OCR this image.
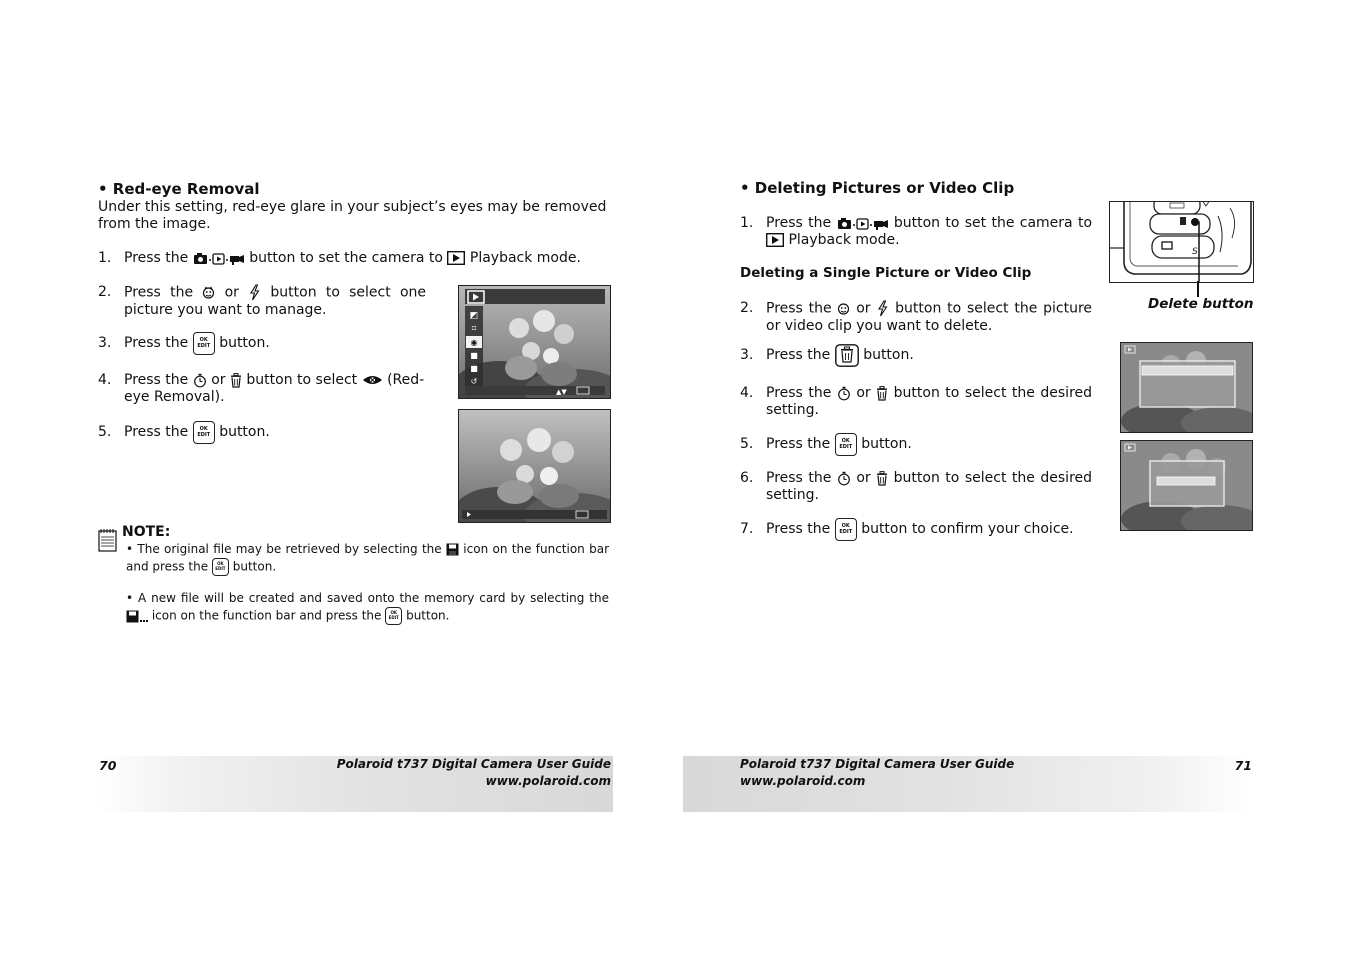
• Red-eye Removal
Under this setting, red-eye glare in your subject’s eyes may be removed from the image.
1. Press the	button to set the camera to Playback mode.
2. Press the or button to select one picture you want to manage.
3. Press the
	OK
EDIT
button.
4. Press the or button to select (Red-eye Removal).
5. Press the
	OK
EDIT
button.
◩
⌗
◉
■
■
↺
▲▼
NOTE:
• The original file may be retrieved by selecting the icon on the function bar and press the OK
EDIT button.
• A new file will be created and saved onto the memory card by selecting the  icon on the function bar and press the OK
EDIT button.
• Deleting Pictures or Video Clip
1. Press the	button to set the camera to  Playback mode.
Deleting a Single Picture or Video Clip
2. Press the or button to select the picture or video clip you want to delete.
3. Press the

button.
4. Press the or button to select the desired setting.
5. Press the
	OK
EDIT
button.
6. Press the or button to select the desired setting.
7. Press the
	OK
EDIT
button to confirm your choice.
S
Delete button
70	Polaroid t737 Digital Camera User Guide
www.polaroid.com
Polaroid t737 Digital Camera User Guide
www.polaroid.com
71
